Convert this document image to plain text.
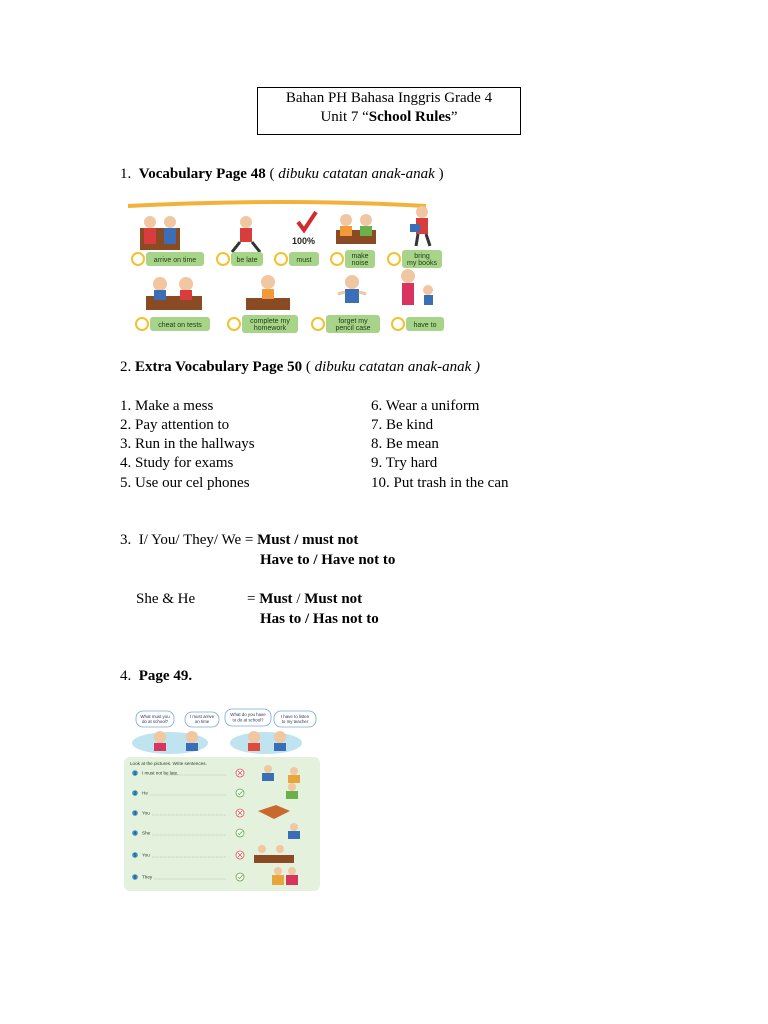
Bahan PH Bahasa Inggris Grade 4
Unit 7 “School Rules”
1. Vocabulary Page 48 ( dibuku catatan anak-anak )
100%
arrive on time	be late	must
make
noise
bring
my books
cheat on tests
complete my
homework
forget my
pencil case	have to
2. Extra Vocabulary Page 50 ( dibuku catatan anak-anak )
1. Make a mess
2. Pay attention to
3. Run in the hallways
4. Study for exams
5. Use our cel phones
6. Wear a uniform
7. Be kind
8. Be mean
9. Try hard
10. Put trash in the can
3. I/ You/ They/ We = Must / must not
Have to / Have not to
She & He	= Must / Must not
Has to / Has not to
4. Page 49.
What must you
do at school?
I must arrive
on time
What do you have
to do at school?
I have to listen
to my teacher
Look at the pictures. Write sentences.
1 I must not be late.
2 He
3 You
4 She
5 You
6 They
